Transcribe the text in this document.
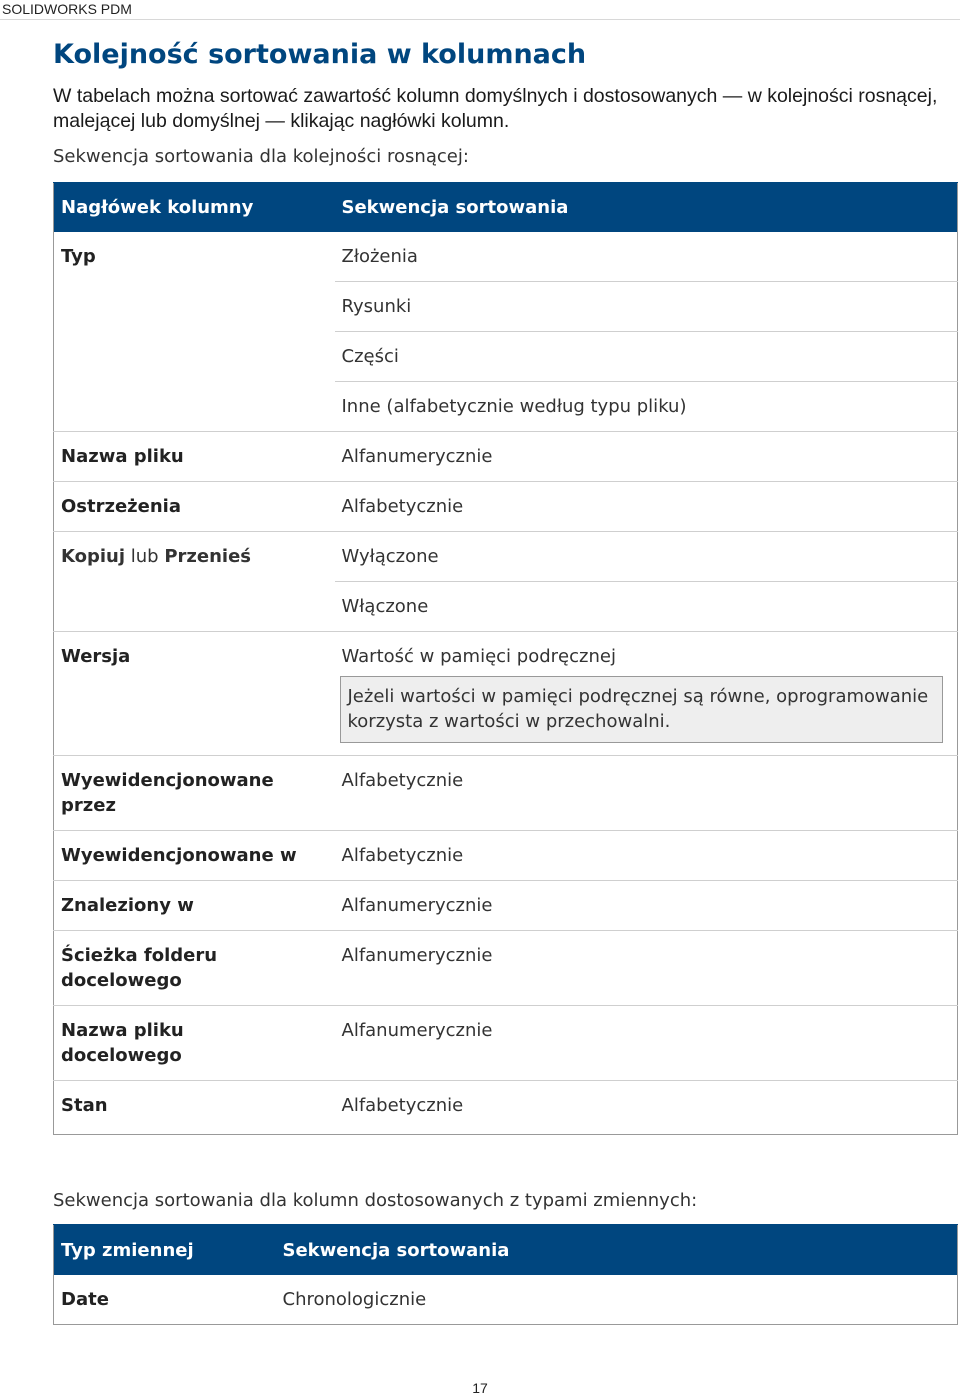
SOLIDWORKS PDM
Kolejność sortowania w kolumnach

W tabelach można sortować zawartość kolumn domyślnych i dostosowanych — w kolejności rosnącej, malejącej lub domyślnej — klikając nagłówki kolumn.

Sekwencja sortowania dla kolejności rosnącej:

Nagłówek kolumny	Sekwencja sortowania
Typ	Złożenia
	Rysunki
	Części
	Inne (alfabetycznie według typu pliku)
Nazwa pliku	Alfanumerycznie
Ostrzeżenia	Alfabetycznie
Kopiuj lub Przenieś	Wyłączone
	Włączone
Wersja	Wartość w pamięci podręcznej
Jeżeli wartości w pamięci podręcznej są równe, oprogramowanie korzysta z wartości w przechowalni.

Wyewidencjonowane przez	Alfabetycznie
Wyewidencjonowane w	Alfabetycznie
Znaleziony w	Alfanumerycznie
Ścieżka folderu docelowego	Alfanumerycznie
Nazwa pliku docelowego	Alfanumerycznie
Stan	Alfabetycznie

Sekwencja sortowania dla kolumn dostosowanych z typami zmiennych:

Typ zmiennej	Sekwencja sortowania
Date	Chronologicznie
17
